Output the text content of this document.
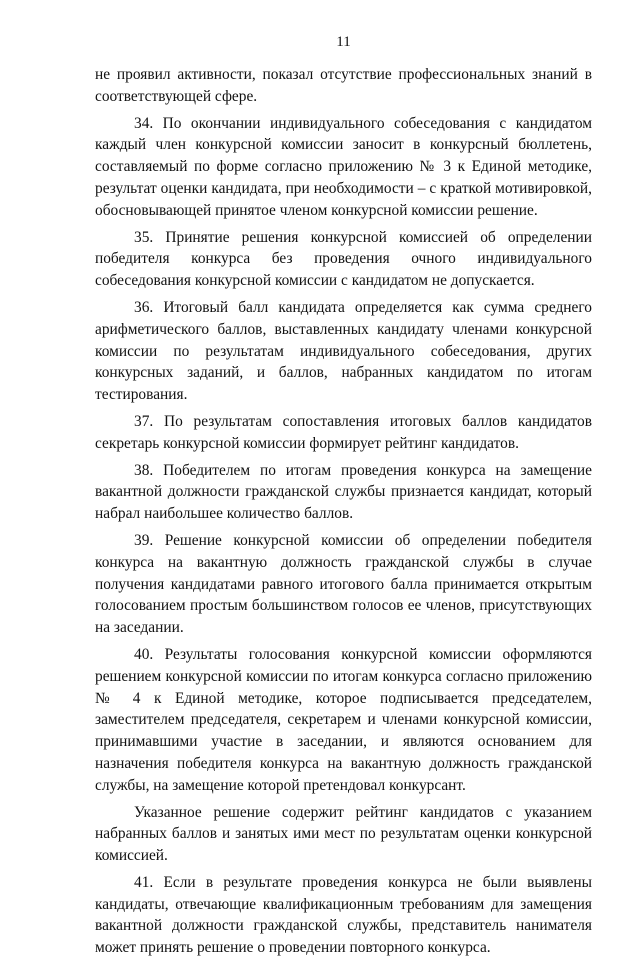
11

не проявил активности, показал отсутствие профессиональных знаний в соответствующей сфере.

34. По окончании индивидуального собеседования с кандидатом каждый член конкурсной комиссии заносит в конкурсный бюллетень, составляемый по форме согласно приложению № 3 к Единой методике, результат оценки кандидата, при необходимости – с краткой мотивировкой, обосновывающей принятое членом конкурсной комиссии решение.

35. Принятие решения конкурсной комиссией об определении победителя конкурса без проведения очного индивидуального собеседования конкурсной комиссии с кандидатом не допускается.

36. Итоговый балл кандидата определяется как сумма среднего арифметического баллов, выставленных кандидату членами конкурсной комиссии по результатам индивидуального собеседования, других конкурсных заданий, и баллов, набранных кандидатом по итогам тестирования.

37. По результатам сопоставления итоговых баллов кандидатов секретарь конкурсной комиссии формирует рейтинг кандидатов.

38. Победителем по итогам проведения конкурса на замещение вакантной должности гражданской службы признается кандидат, который набрал наибольшее количество баллов.

39. Решение конкурсной комиссии об определении победителя конкурса на вакантную должность гражданской службы в случае получения кандидатами равного итогового балла принимается открытым голосованием простым большинством голосов ее членов, присутствующих на заседании.

40. Результаты голосования конкурсной комиссии оформляются решением конкурсной комиссии по итогам конкурса согласно приложению № 4 к Единой методике, которое подписывается председателем, заместителем председателя, секретарем и членами конкурсной комиссии, принимавшими участие в заседании, и являются основанием для назначения победителя конкурса на вакантную должность гражданской службы, на замещение которой претендовал конкурсант.

Указанное решение содержит рейтинг кандидатов с указанием набранных баллов и занятых ими мест по результатам оценки конкурсной комиссией.

41. Если в результате проведения конкурса не были выявлены кандидаты, отвечающие квалификационным требованиям для замещения вакантной должности гражданской службы, представитель нанимателя может принять решение о проведении повторного конкурса.
